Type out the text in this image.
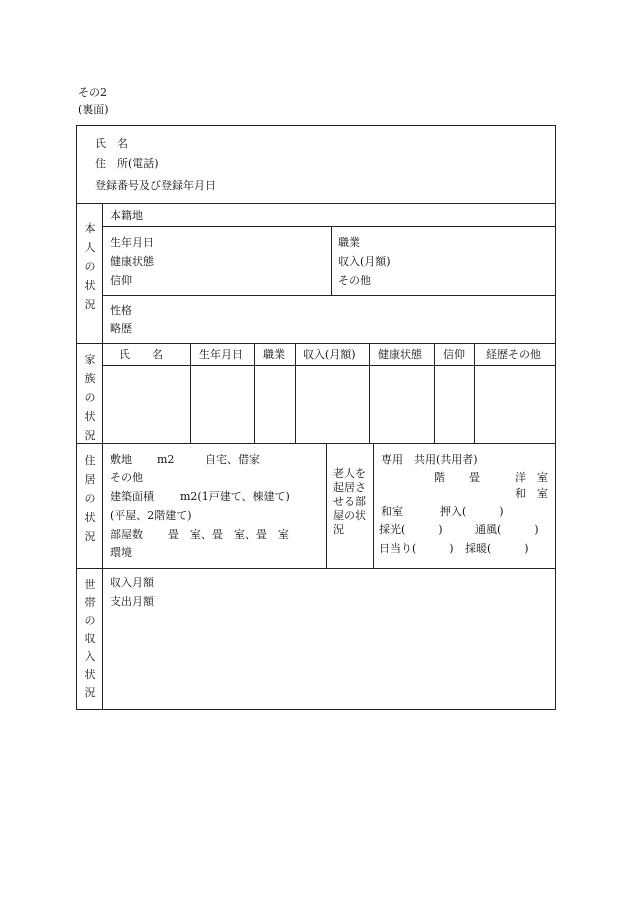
その2
(裏面)
氏　名
住　所(電話)
登録番号及び登録年月日
本
人
の
状
況
本籍地
生年月日
健康状態
信仰
職業
収入(月額)
その他
性格
略歴
家
族
の
状
況
氏　　名	生年月日 職業 収入(月額) 健康状態 信仰 経歴その他
住
居
の
状
況
敷地 m2	自宅、借家
その他
建築面積 m2(1戸建て、棟建て)
(平屋、2階建て)
部屋数 畳　室、畳　室、畳　室
環境
老人を
起居さ
せる部
屋の状
況
専用　共用(共用者)
階 畳	洋　室
和　室
和室	押入(　　　)
採光(　　　)	通風(　　　)
日当り(　　　) 採暖(　　　)
世
帯
の
収
入
状
況
収入月額
支出月額
